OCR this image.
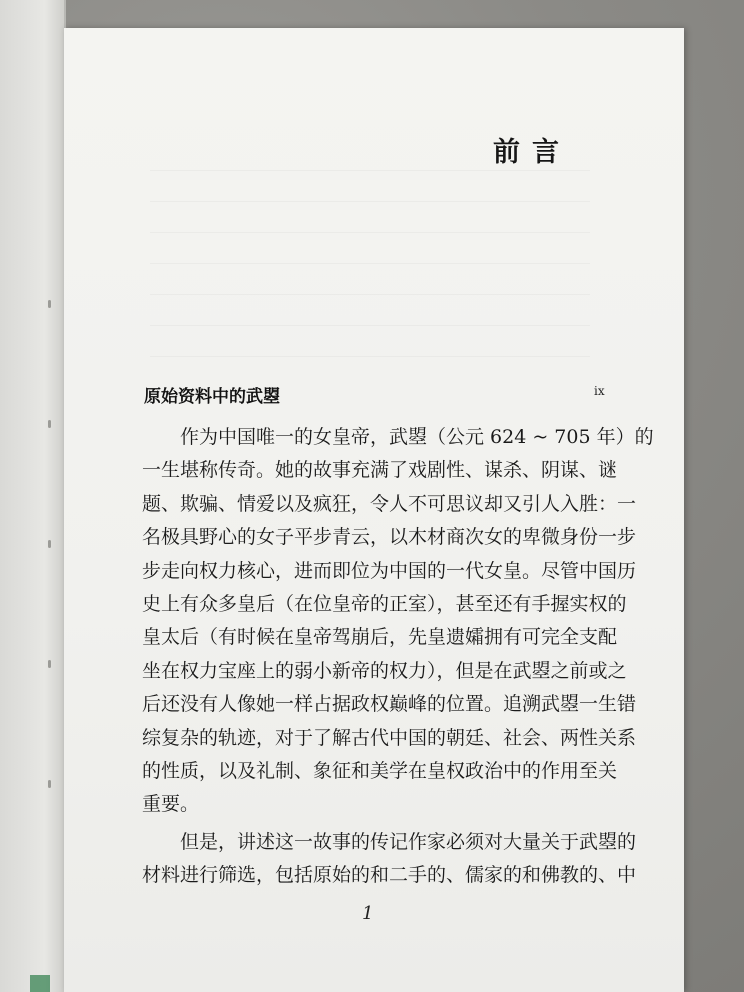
前言
原始资料中的武曌	ix

作为中国唯一的女皇帝，武曌（公元 624 ~ 705 年）的
一生堪称传奇。她的故事充满了戏剧性、谋杀、阴谋、谜
题、欺骗、情爱以及疯狂，令人不可思议却又引人入胜：一
名极具野心的女子平步青云，以木材商次女的卑微身份一步
步走向权力核心，进而即位为中国的一代女皇。尽管中国历
史上有众多皇后（在位皇帝的正室），甚至还有手握实权的
皇太后（有时候在皇帝驾崩后，先皇遗孀拥有可完全支配
坐在权力宝座上的弱小新帝的权力），但是在武曌之前或之
后还没有人像她一样占据政权巅峰的位置。追溯武曌一生错
综复杂的轨迹，对于了解古代中国的朝廷、社会、两性关系
的性质，以及礼制、象征和美学在皇权政治中的作用至关
重要。

但是，讲述这一故事的传记作家必须对大量关于武曌的
材料进行筛选，包括原始的和二手的、儒家的和佛教的、中

1
